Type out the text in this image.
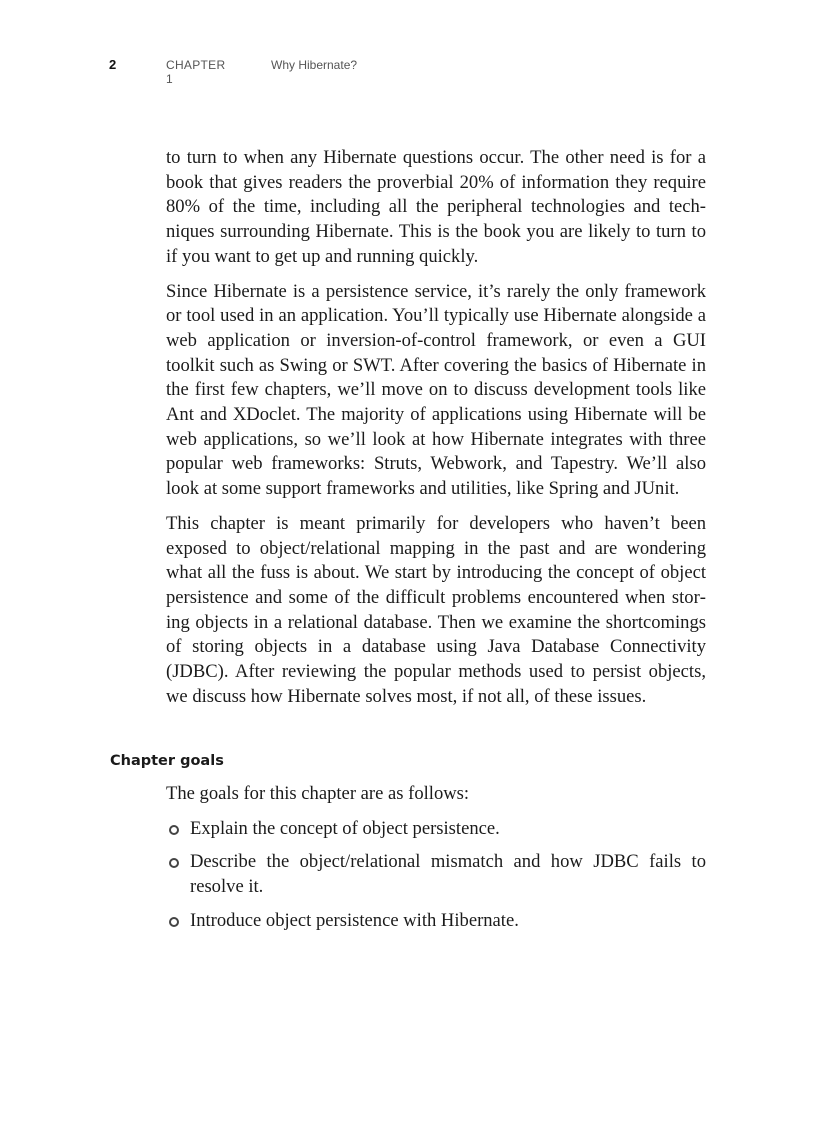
2	CHAPTER 1
Why Hibernate?

to turn to when any Hibernate questions occur. The other need is for a book that gives readers the proverbial 20% of information they require 80% of the time, including all the peripheral technologies and techniques surrounding Hibernate. This is the book you are likely to turn to if you want to get up and running quickly.

Since Hibernate is a persistence service, it’s rarely the only framework or tool used in an application. You’ll typically use Hibernate alongside a web application or inversion-of-control framework, or even a GUI toolkit such as Swing or SWT. After covering the basics of Hibernate in the first few chapters, we’ll move on to discuss development tools like Ant and XDoclet. The majority of applications using Hibernate will be web applications, so we’ll look at how Hibernate integrates with three popular web frameworks: Struts, Webwork, and Tapestry. We’ll also look at some support frameworks and utilities, like Spring and JUnit.

This chapter is meant primarily for developers who haven’t been exposed to object/relational mapping in the past and are wondering what all the fuss is about. We start by introducing the concept of object persistence and some of the difficult problems encountered when storing objects in a relational database. Then we examine the shortcomings of storing objects in a database using Java Database Connectivity (JDBC). After reviewing the popular methods used to persist objects, we discuss how Hibernate solves most, if not all, of these issues.

Chapter goals

The goals for this chapter are as follows:

Explain the concept of object persistence.
Describe the object/relational mismatch and how JDBC fails to resolve it.
Introduce object persistence with Hibernate.
